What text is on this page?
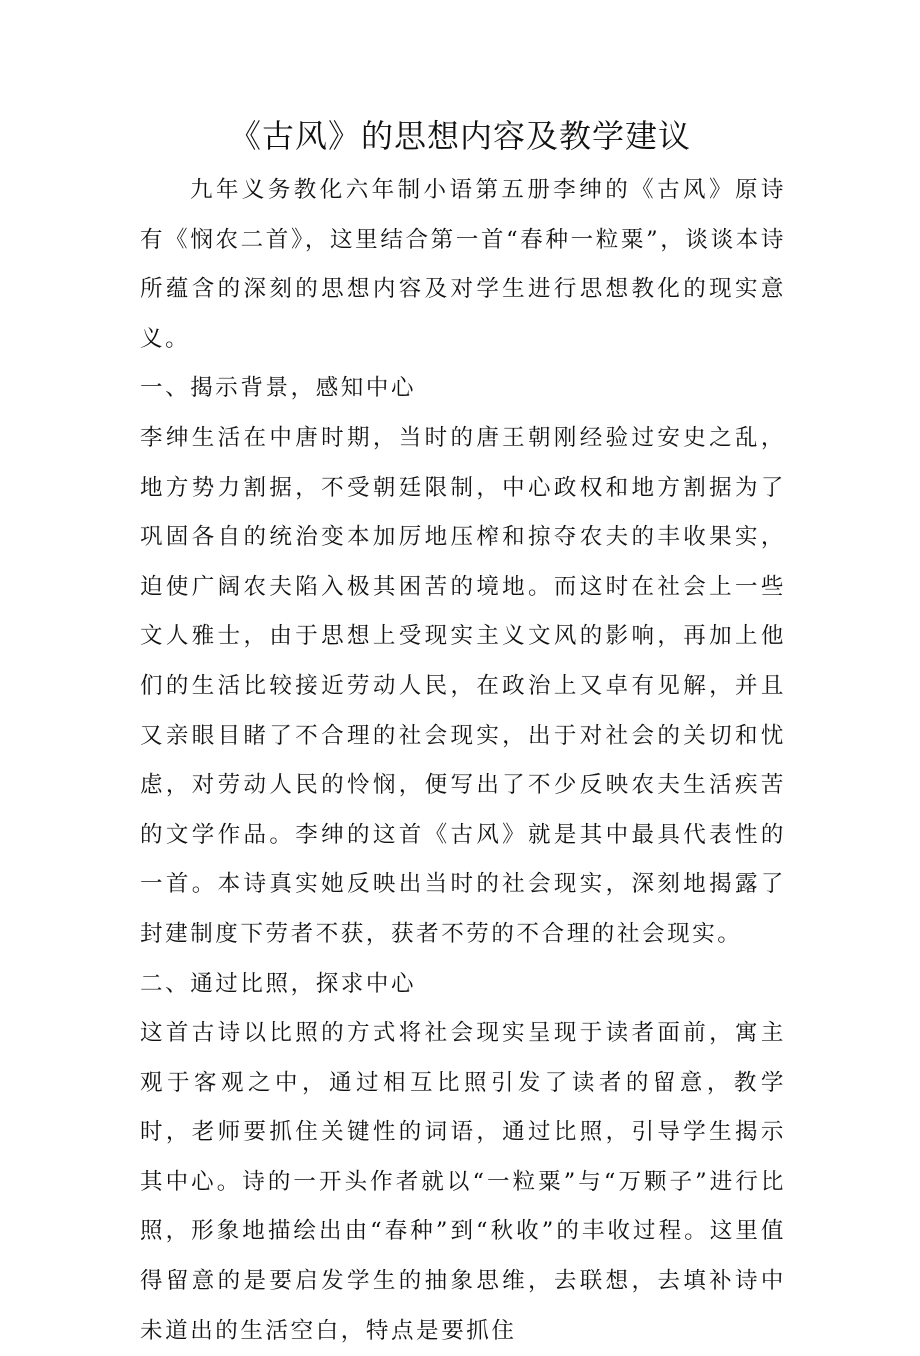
《古风》的思想内容及教学建议

九年义务教化六年制小语第五册李绅的《古风》原诗有《悯农二首》，这里结合第一首“春种一粒粟”，谈谈本诗所蕴含的深刻的思想内容及对学生进行思想教化的现实意义。

一、揭示背景，感知中心

李绅生活在中唐时期，当时的唐王朝刚经验过安史之乱，地方势力割据，不受朝廷限制，中心政权和地方割据为了巩固各自的统治变本加厉地压榨和掠夺农夫的丰收果实，迫使广阔农夫陷入极其困苦的境地。而这时在社会上一些文人雅士，由于思想上受现实主义文风的影响，再加上他们的生活比较接近劳动人民，在政治上又卓有见解，并且又亲眼目睹了不合理的社会现实，出于对社会的关切和忧虑，对劳动人民的怜悯，便写出了不少反映农夫生活疾苦的文学作品。李绅的这首《古风》就是其中最具代表性的一首。本诗真实她反映出当时的社会现实，深刻地揭露了封建制度下劳者不获，获者不劳的不合理的社会现实。

二、通过比照，探求中心

这首古诗以比照的方式将社会现实呈现于读者面前，寓主观于客观之中，通过相互比照引发了读者的留意，教学时，老师要抓住关键性的词语，通过比照，引导学生揭示其中心。诗的一开头作者就以“一粒粟”与“万颗子”进行比照，形象地描绘出由“春种”到“秋收”的丰收过程。这里值得留意的是要启发学生的抽象思维，去联想，去填补诗中未道出的生活空白，特点是要抓住
